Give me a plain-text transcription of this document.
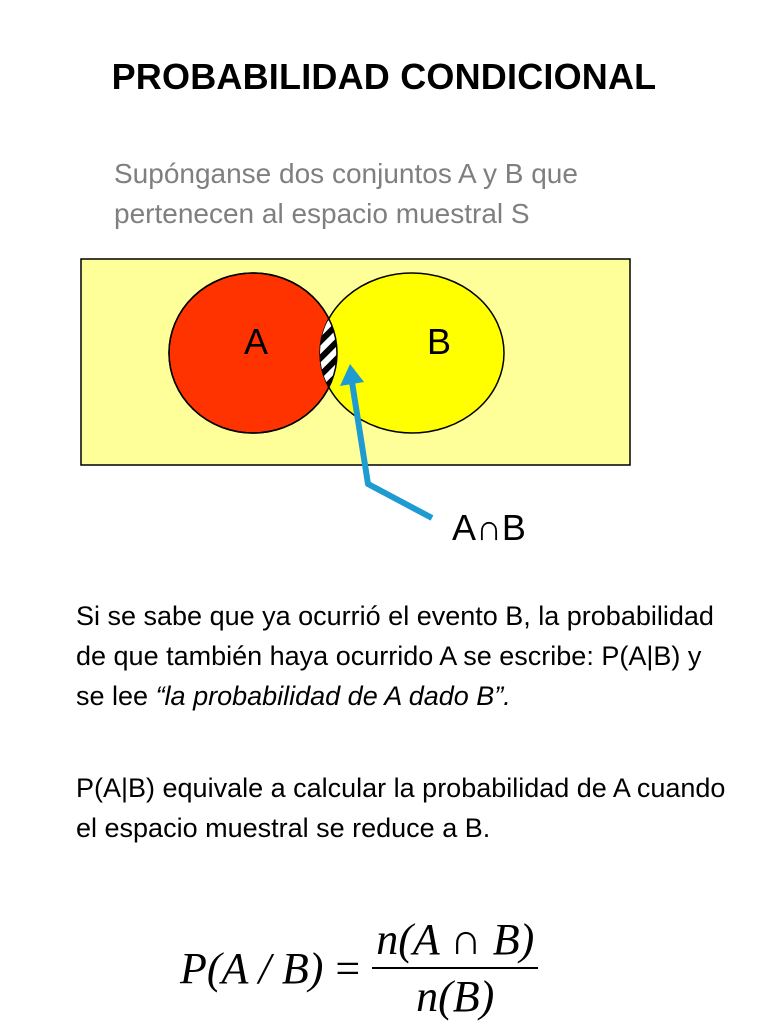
PROBABILIDAD CONDICIONAL

Supónganse dos conjuntos A y B que
pertenecen al espacio muestral S

A	B
A∩B

Si se sabe que ya ocurrió el evento B, la probabilidad de que también haya ocurrido A se escribe: P(A|B) y se lee “la probabilidad de A dado B”.

P(A|B) equivale a calcular la probabilidad de A cuando el espacio muestral se reduce a B.

$P(A / B) = \frac{n(A \cap B)}{n(B)}$
